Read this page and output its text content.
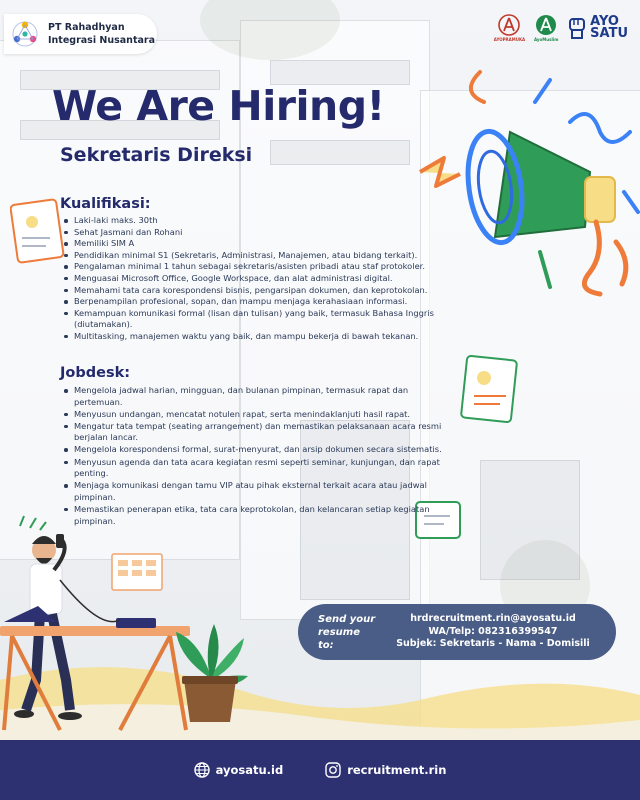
PT Rahadhyan
Integrasi Nusantara	AYOPRAMUKA AyoMuslim
AYO
SATU
We Are Hiring!
Sekretaris Direksi
Kualifikasi:
Laki-laki maks. 30th
Sehat Jasmani dan Rohani
Memiliki SIM A
Pendidikan minimal S1 (Sekretaris, Administrasi, Manajemen, atau bidang terkait).
Pengalaman minimal 1 tahun sebagai sekretaris/asisten pribadi atau staf protokoler.
Menguasai Microsoft Office, Google Workspace, dan alat administrasi digital.
Memahami tata cara korespondensi bisnis, pengarsipan dokumen, dan keprotokolan.
Berpenampilan profesional, sopan, dan mampu menjaga kerahasiaan informasi.
Kemampuan komunikasi formal (lisan dan tulisan) yang baik, termasuk Bahasa Inggris (diutamakan).
Multitasking, manajemen waktu yang baik, dan mampu bekerja di bawah tekanan.
Jobdesk:
Mengelola jadwal harian, mingguan, dan bulanan pimpinan, termasuk rapat dan pertemuan.
Menyusun undangan, mencatat notulen rapat, serta menindaklanjuti hasil rapat.
Mengatur tata tempat (seating arrangement) dan memastikan pelaksanaan acara resmi berjalan lancar.
Mengelola korespondensi formal, surat-menyurat, dan arsip dokumen secara sistematis.
Menyusun agenda dan tata acara kegiatan resmi seperti seminar, kunjungan, dan rapat penting.
Menjaga komunikasi dengan tamu VIP atau pihak eksternal terkait acara atau jadwal pimpinan.
Memastikan penerapan etika, tata cara keprotokolan, dan kelancaran setiap kegiatan pimpinan.
Send your resume to:
hrdrecruitment.rin@ayosatu.id
WA/Telp: 082316399547
Subjek: Sekretaris - Nama - Domisili
ayosatu.id	recruitment.rin
